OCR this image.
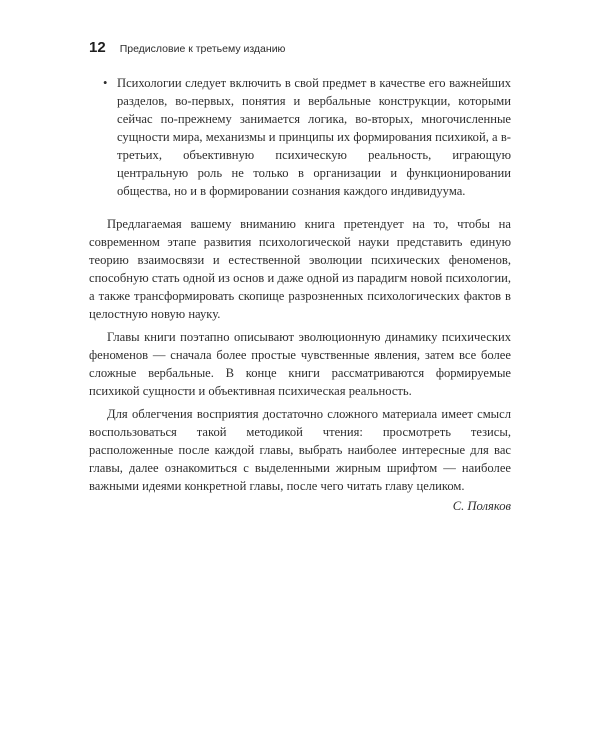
12 Предисловие к третьему изданию
• Психологии следует включить в свой предмет в качестве его важнейших разделов, во-первых, понятия и вербальные конструкции, которыми сейчас по-прежнему занимается логика, во-вторых, многочисленные сущности мира, механизмы и принципы их формирования психикой, а в-третьих, объективную психическую реальность, играющую центральную роль не только в организации и функционировании общества, но и в формировании сознания каждого индивидуума.

Предлагаемая вашему вниманию книга претендует на то, чтобы на современном этапе развития психологической науки представить единую теорию взаимосвязи и естественной эволюции психических феноменов, способную стать одной из основ и даже одной из парадигм новой психологии, а также трансформировать скопище разрозненных психологических фактов в целостную новую науку.

Главы книги поэтапно описывают эволюционную динамику психических феноменов — сначала более простые чувственные явления, затем все более сложные вербальные. В конце книги рассматриваются формируемые психикой сущности и объективная психическая реальность.

Для облегчения восприятия достаточно сложного материала имеет смысл воспользоваться такой методикой чтения: просмотреть тезисы, расположенные после каждой главы, выбрать наиболее интересные для вас главы, далее ознакомиться с выделенными жирным шрифтом — наиболее важными идеями конкретной главы, после чего читать главу целиком.

С. Поляков
